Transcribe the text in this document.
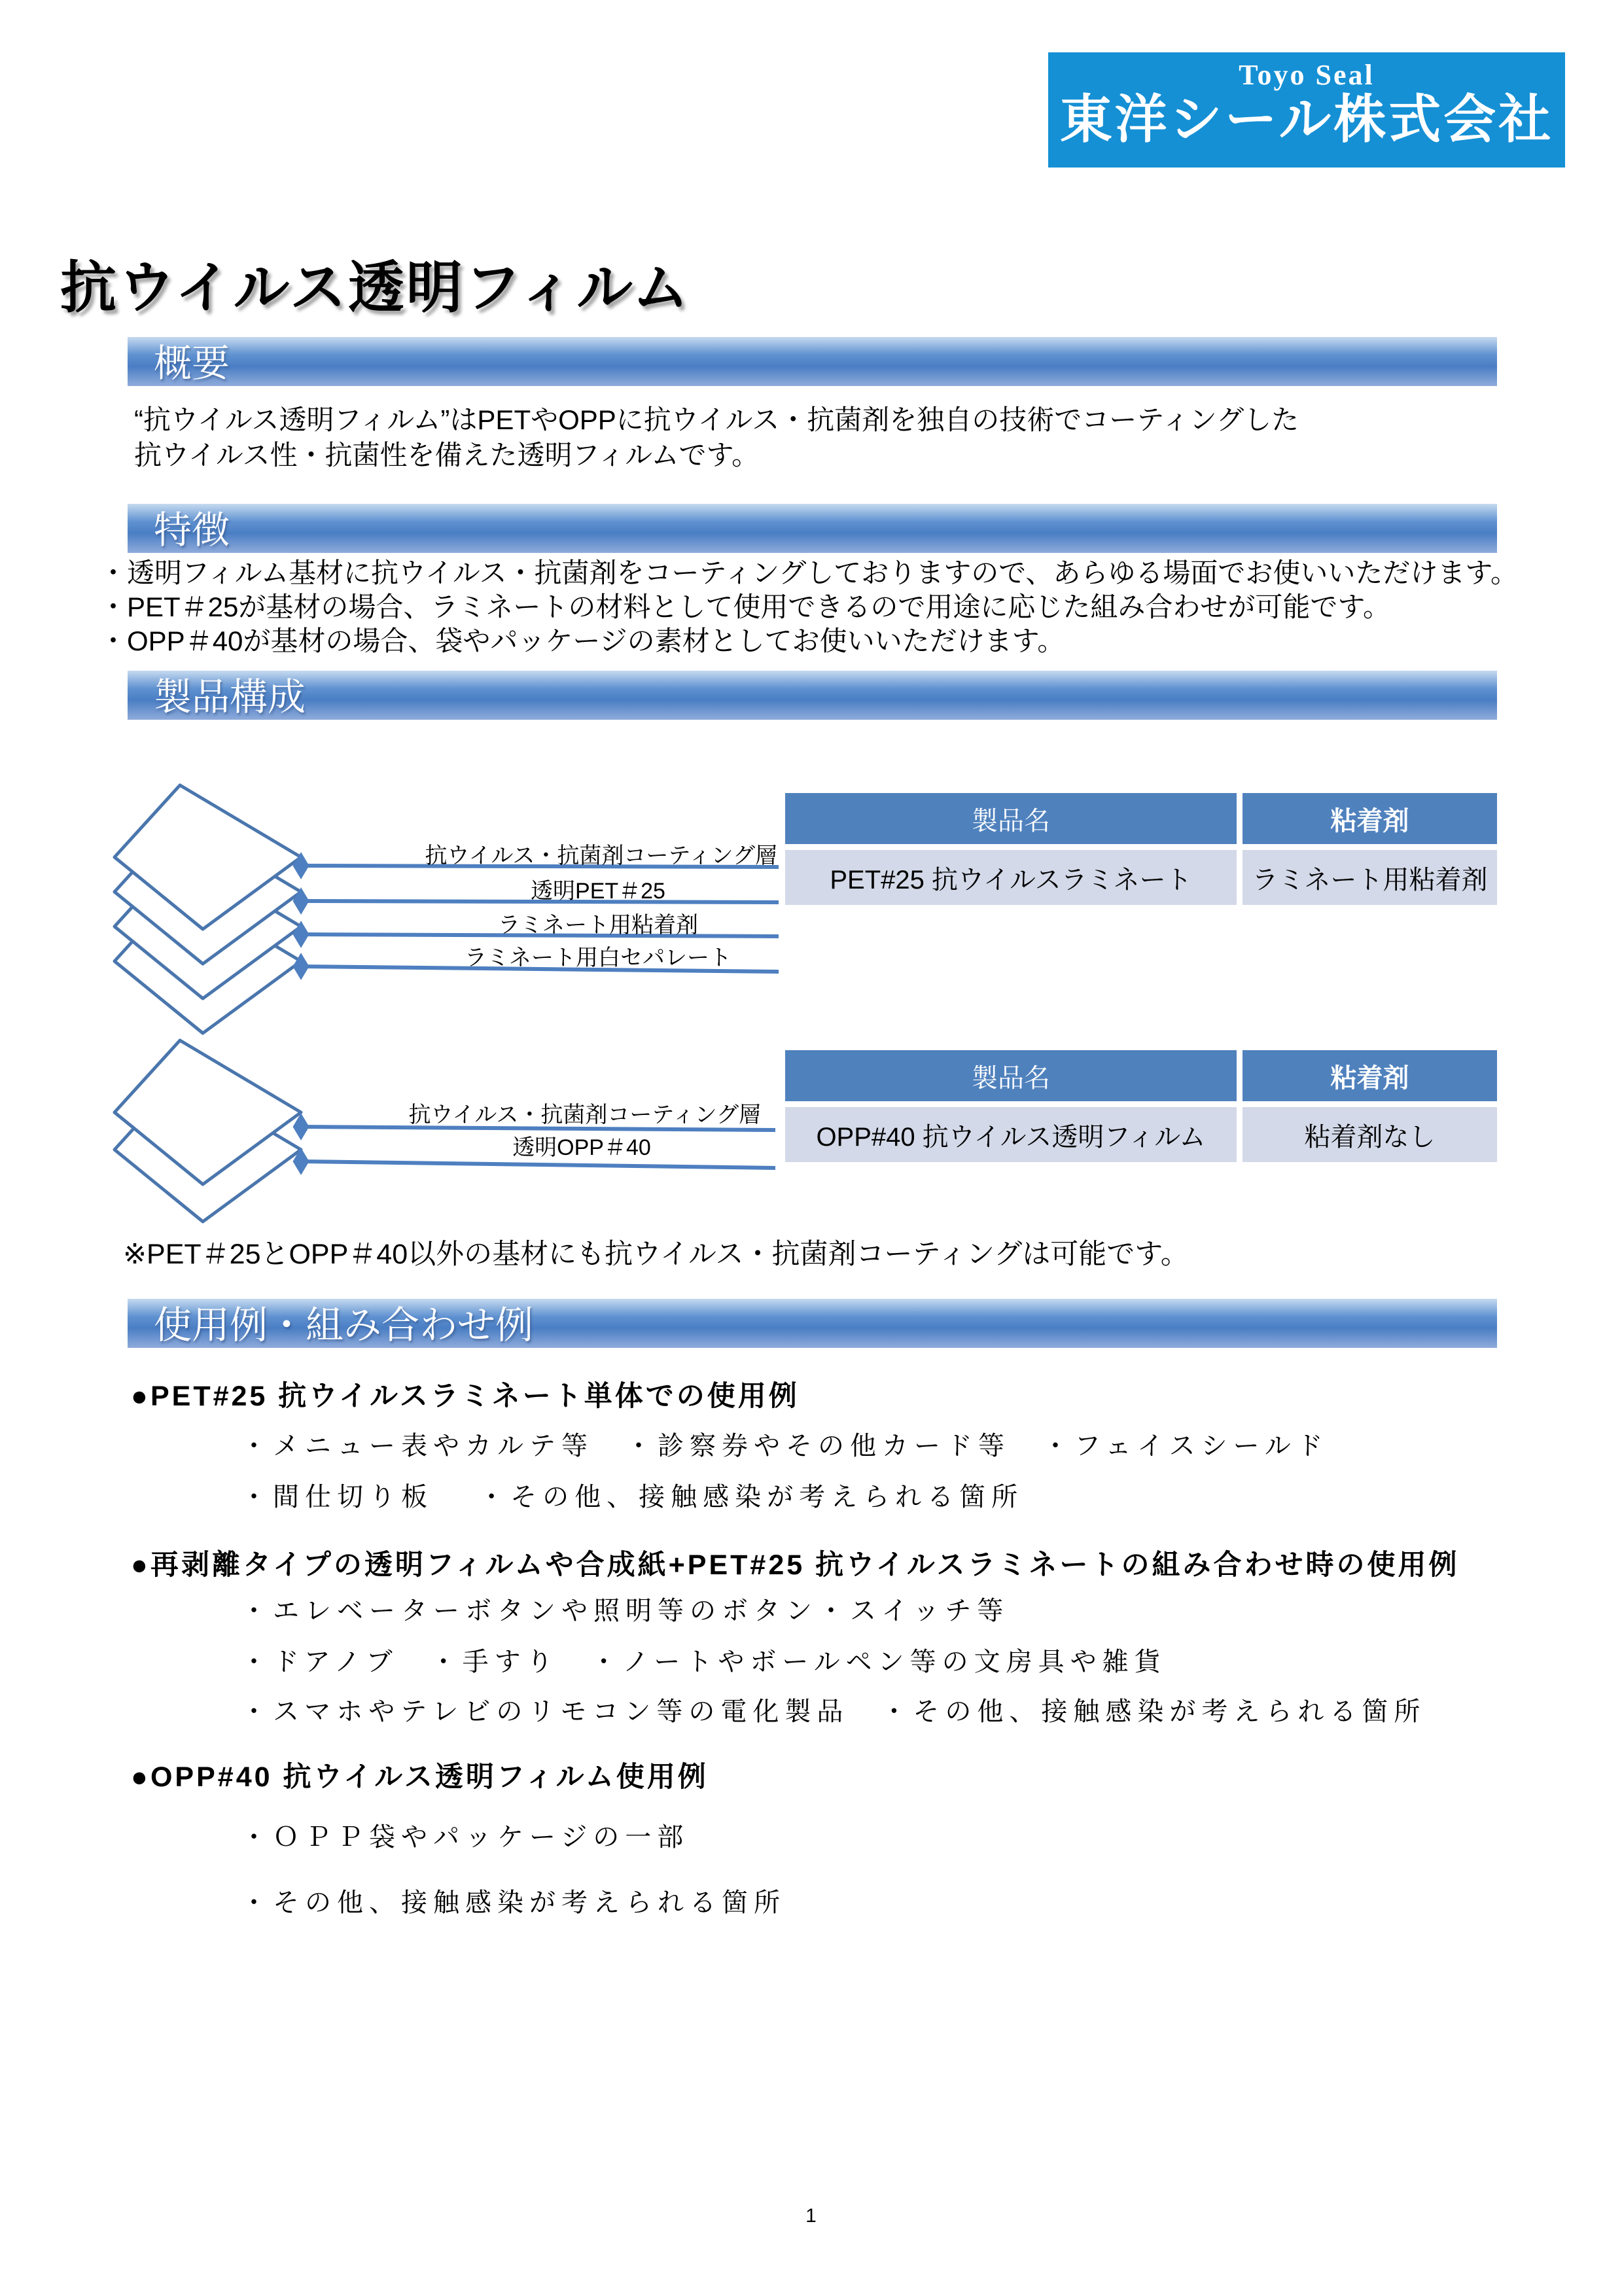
Toyo Seal
東洋シール株式会社
抗ウイルス透明フィルム
概要
“抗ウイルス透明フィルム”はPETやOPPに抗ウイルス・抗菌剤を独自の技術でコーティングした
抗ウイルス性・抗菌性を備えた透明フィルムです。
特徴
・透明フィルム基材に抗ウイルス・抗菌剤をコーティングしておりますので、あらゆる場面でお使いいただけます。
・PET＃25が基材の場合、ラミネートの材料として使用できるので用途に応じた組み合わせが可能です。
・OPP＃40が基材の場合、袋やパッケージの素材としてお使いいただけます。
製品構成
抗ウイルス・抗菌剤コーティング層
透明PET＃25
ラミネート用粘着剤
ラミネート用白セパレート
製品名	粘着剤
PET#25 抗ウイルスラミネート	ラミネート用粘着剤
抗ウイルス・抗菌剤コーティング層
透明OPP＃40
製品名	粘着剤
OPP#40 抗ウイルス透明フィルム	粘着剤なし
※PET＃25とOPP＃40以外の基材にも抗ウイルス・抗菌剤コーティングは可能です。
使用例・組み合わせ例
●PET#25 抗ウイルスラミネート単体での使用例
・メニュー表やカルテ等　・診察券やその他カード等　・フェイスシールド
・間仕切り板　 ・その他、接触感染が考えられる箇所
●再剥離タイプの透明フィルムや合成紙+PET#25 抗ウイルスラミネートの組み合わせ時の使用例
・エレベーターボタンや照明等のボタン・スイッチ等
・ドアノブ　・手すり　・ノートやボールペン等の文房具や雑貨
・スマホやテレビのリモコン等の電化製品　・その他、接触感染が考えられる箇所
●OPP#40 抗ウイルス透明フィルム使用例
・ＯＰＰ袋やパッケージの一部
・その他、接触感染が考えられる箇所
1
